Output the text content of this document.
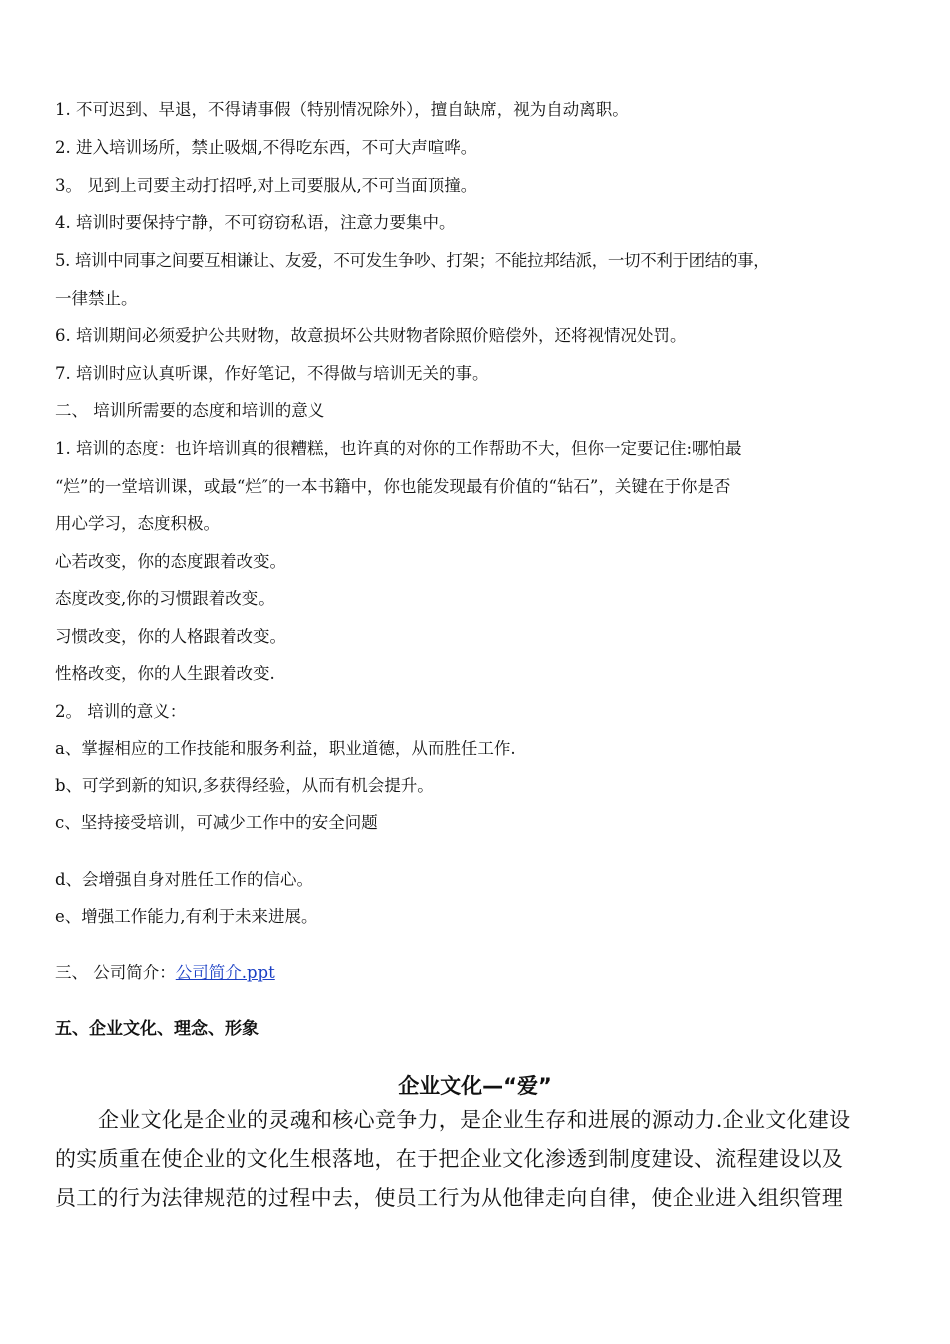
1. 不可迟到、早退，不得请事假（特别情况除外），擅自缺席，视为自动离职。
2. 进入培训场所，禁止吸烟,不得吃东西，不可大声喧哗。
3。 见到上司要主动打招呼,对上司要服从,不可当面顶撞。
4. 培训时要保持宁静，不可窃窃私语，注意力要集中。
5. 培训中同事之间要互相谦让、友爱，不可发生争吵、打架；不能拉邦结派，一切不利于团结的事，
一律禁止。
6. 培训期间必须爱护公共财物，故意损坏公共财物者除照价赔偿外，还将视情况处罚。
7. 培训时应认真听课，作好笔记，不得做与培训无关的事。
二、 培训所需要的态度和培训的意义
1. 培训的态度：也许培训真的很糟糕，也许真的对你的工作帮助不大，但你一定要记住:哪怕最
“烂”的一堂培训课，或最“烂″的一本书籍中，你也能发现最有价值的“钻石”，关键在于你是否
用心学习，态度积极。
心若改变，你的态度跟着改变。
态度改变,你的习惯跟着改变。
习惯改变，你的人格跟着改变。
性格改变，你的人生跟着改变.
2。 培训的意义：
a、掌握相应的工作技能和服务利益，职业道德，从而胜任工作.
b、可学到新的知识,多获得经验，从而有机会提升。
c、坚持接受培训，可减少工作中的安全问题
d、会增强自身对胜任工作的信心。
e、增强工作能力,有利于未来进展。
三、 公司简介：公司简介.ppt
五、企业文化、理念、形象
企业文化—“爱”
企业文化是企业的灵魂和核心竞争力，是企业生存和进展的源动力.企业文化建设
的实质重在使企业的文化生根落地，在于把企业文化渗透到制度建设、流程建设以及
员工的行为法律规范的过程中去，使员工行为从他律走向自律，使企业进入组织管理
